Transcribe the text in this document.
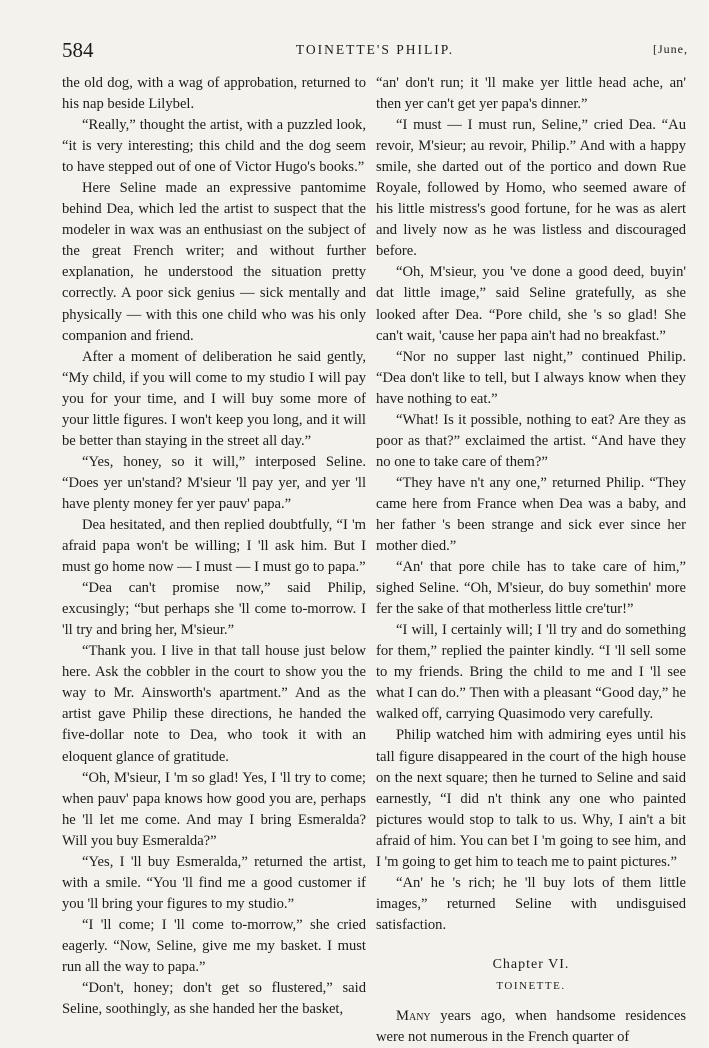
584	TOINETTE'S PHILIP.	[June,

the old dog, with a wag of approbation, returned to his nap beside Lilybel.

“Really,” thought the artist, with a puzzled look, “it is very interesting; this child and the dog seem to have stepped out of one of Victor Hugo's books.”

Here Seline made an expressive pantomime behind Dea, which led the artist to suspect that the modeler in wax was an enthusiast on the subject of the great French writer; and without further explanation, he understood the situation pretty correctly. A poor sick genius — sick mentally and physically — with this one child who was his only companion and friend.

After a moment of deliberation he said gently, “My child, if you will come to my studio I will pay you for your time, and I will buy some more of your little figures. I won't keep you long, and it will be better than staying in the street all day.”

“Yes, honey, so it will,” interposed Seline. “Does yer un'stand? M'sieur 'll pay yer, and yer 'll have plenty money fer yer pauv' papa.”

Dea hesitated, and then replied doubtfully, “I 'm afraid papa won't be willing; I 'll ask him. But I must go home now — I must — I must go to papa.”

“Dea can't promise now,” said Philip, excusingly; “but perhaps she 'll come to-morrow. I 'll try and bring her, M'sieur.”

“Thank you. I live in that tall house just below here. Ask the cobbler in the court to show you the way to Mr. Ainsworth's apartment.” And as the artist gave Philip these directions, he handed the five-dollar note to Dea, who took it with an eloquent glance of gratitude.

“Oh, M'sieur, I 'm so glad! Yes, I 'll try to come; when pauv' papa knows how good you are, perhaps he 'll let me come. And may I bring Esmeralda? Will you buy Esmeralda?”

“Yes, I 'll buy Esmeralda,” returned the artist, with a smile. “You 'll find me a good customer if you 'll bring your figures to my studio.”

“I 'll come; I 'll come to-morrow,” she cried eagerly. “Now, Seline, give me my basket. I must run all the way to papa.”

“Don't, honey; don't get so flustered,” said Seline, soothingly, as she handed her the basket,

“an' don't run; it 'll make yer little head ache, an' then yer can't get yer papa's dinner.”

“I must — I must run, Seline,” cried Dea. “Au revoir, M'sieur; au revoir, Philip.” And with a happy smile, she darted out of the portico and down Rue Royale, followed by Homo, who seemed aware of his little mistress's good fortune, for he was as alert and lively now as he was listless and discouraged before.

“Oh, M'sieur, you 've done a good deed, buyin' dat little image,” said Seline gratefully, as she looked after Dea. “Pore child, she 's so glad! She can't wait, 'cause her papa ain't had no breakfast.”

“Nor no supper last night,” continued Philip. “Dea don't like to tell, but I always know when they have nothing to eat.”

“What! Is it possible, nothing to eat? Are they as poor as that?” exclaimed the artist. “And have they no one to take care of them?”

“They have n't any one,” returned Philip. “They came here from France when Dea was a baby, and her father 's been strange and sick ever since her mother died.”

“An' that pore chile has to take care of him,” sighed Seline. “Oh, M'sieur, do buy somethin' more fer the sake of that motherless little cre'tur!”

“I will, I certainly will; I 'll try and do something for them,” replied the painter kindly. “I 'll sell some to my friends. Bring the child to me and I 'll see what I can do.” Then with a pleasant “Good day,” he walked off, carrying Quasimodo very carefully.

Philip watched him with admiring eyes until his tall figure disappeared in the court of the high house on the next square; then he turned to Seline and said earnestly, “I did n't think any one who painted pictures would stop to talk to us. Why, I ain't a bit afraid of him. You can bet I 'm going to see him, and I 'm going to get him to teach me to paint pictures.”

“An' he 's rich; he 'll buy lots of them little images,” returned Seline with undisguised satisfaction.

Chapter VI.
TOINETTE.

Many years ago, when handsome residences were not numerous in the French quarter of
